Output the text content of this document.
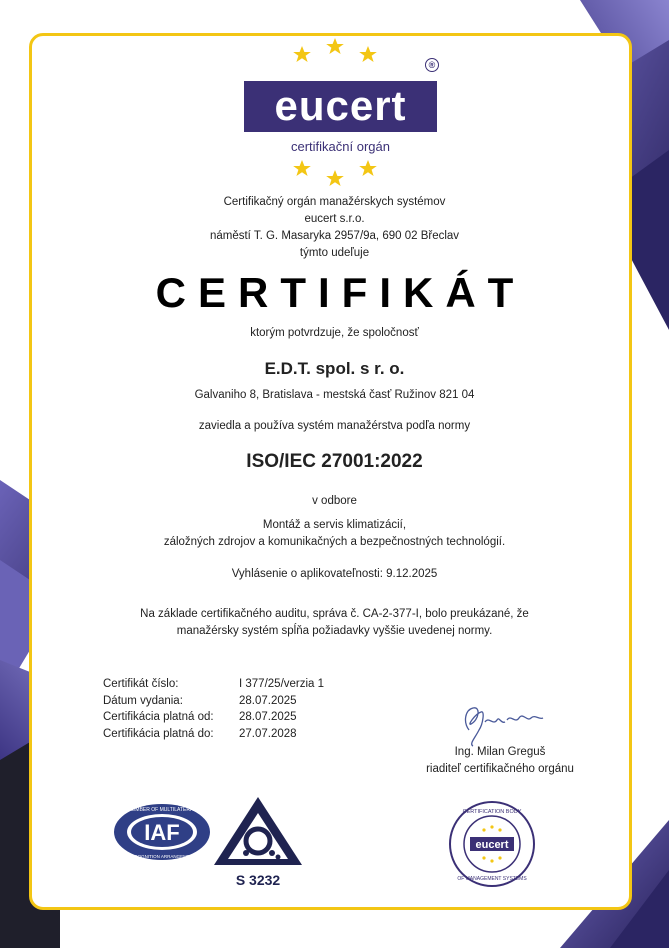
®
eucert
certifikační orgán
Certifikačný orgán manažérskych systémov
eucert s.r.o.
náměstí T. G. Masaryka 2957/9a, 690 02 Břeclav
týmto udeľuje
CERTIFIKÁT
ktorým potvrdzuje, že spoločnosť
E.D.T. spol. s r. o.
Galvaniho 8, Bratislava - mestská časť Ružinov 821 04
zaviedla a používa systém manažérstva podľa normy
ISO/IEC 27001:2022
v odbore
Montáž a servis klimatizácií,
záložných zdrojov a komunikačných a bezpečnostných technológií.
Vyhlásenie o aplikovateľnosti: 9.12.2025
Na základe certifikačného auditu, správa č. CA-2-377-I, bolo preukázané, že
manažérsky systém spĺňa požiadavky vyššie uvedenej normy.
Certifikát číslo:	I 377/25/verzia 1
Dátum vydania:	28.07.2025
Certifikácia platná od:	28.07.2025
Certifikácia platná do:	27.07.2028
Ing. Milan Greguš
riaditeľ certifikačného orgánu
IAF
MEMBER OF MULTILATERAL
RECOGNITION ARRANGEMENT
S 3232
eucert
CERTIFICATION BODY
OF MANAGEMENT SYSTEMS
